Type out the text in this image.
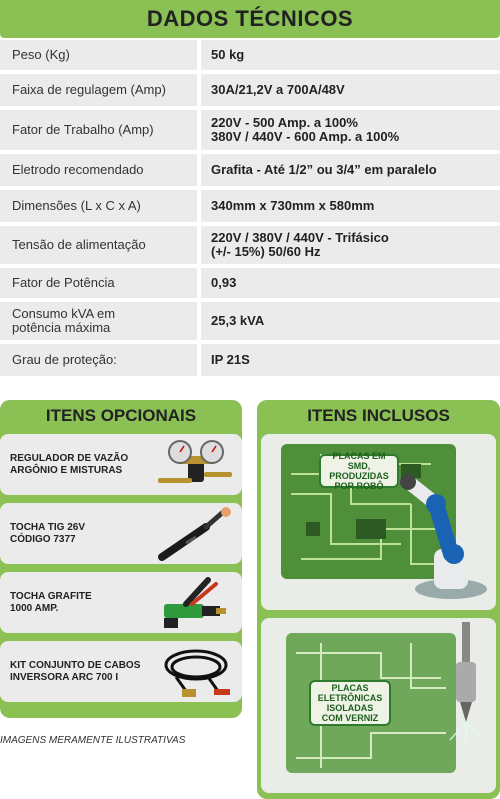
DADOS TÉCNICOS
Peso (Kg)	50 kg
Faixa de regulagem (Amp)	30A/21,2V a 700A/48V
Fator de Trabalho (Amp)	220V - 500 Amp. a 100%
380V / 440V - 600 Amp. a 100%
Eletrodo recomendado	Grafita - Até 1/2” ou 3/4” em paralelo
Dimensões (L x C x A)	340mm x 730mm x 580mm
Tensão de alimentação	220V / 380V / 440V - Trifásico
(+/- 15%) 50/60 Hz
Fator de Potência	0,93
Consumo kVA em
potência máxima	25,3 kVA
Grau de proteção:	IP 21S
ITENS OPCIONAIS
REGULADOR DE VAZÃO
ARGÔNIO E MISTURAS
TOCHA TIG 26V
CÓDIGO 7377
TOCHA GRAFITE
1000 AMP.
KIT CONJUNTO DE CABOS
INVERSORA ARC 700 I
ITENS INCLUSOS
PLACAS EM SMD,
PRODUZIDAS
POR ROBÔ
PLACAS
ELETRÔNICAS
ISOLADAS
COM VERNIZ
IMAGENS MERAMENTE ILUSTRATIVAS
